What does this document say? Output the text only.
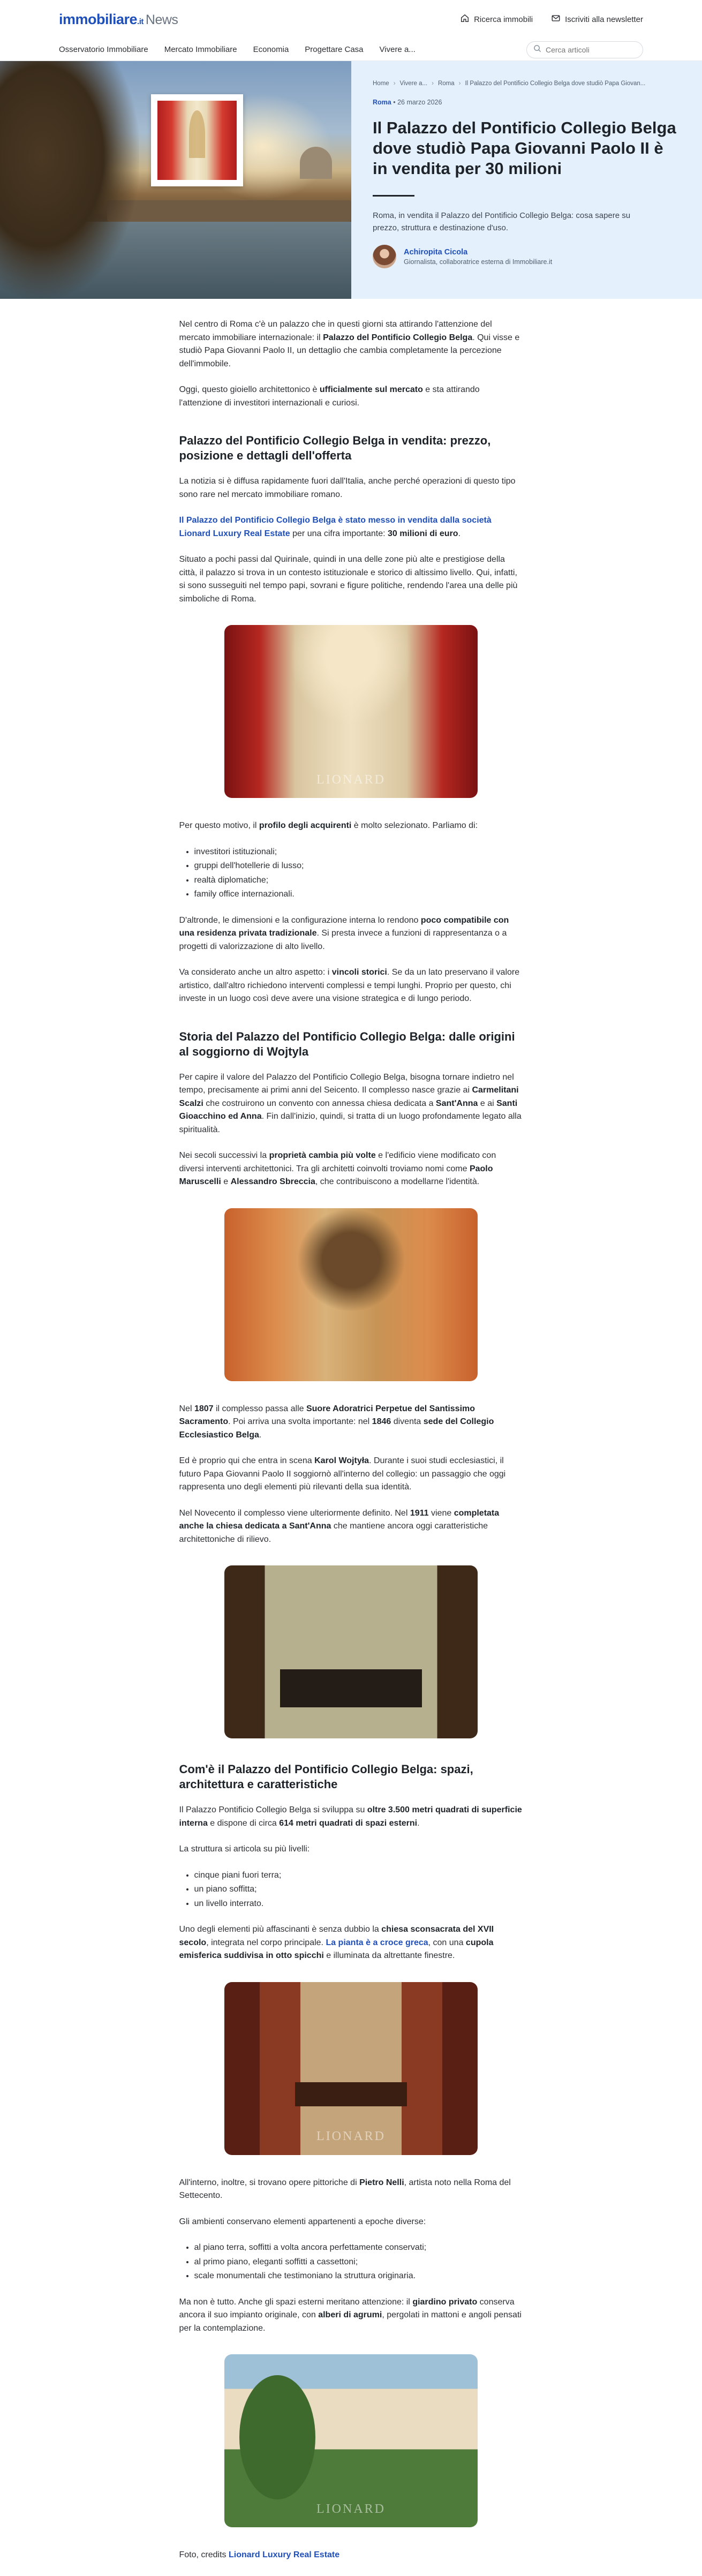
immobiliare .it News	Ricerca immobili	Iscriviti alla newsletter
Osservatorio Immobiliare Mercato Immobiliare Economia Progettare Casa Vivere a...
Cerca articoli
Home › Vivere a... › Roma › Il Palazzo del Pontificio Collegio Belga dove studiò Papa Giovan...
Roma • 26 marzo 2026
Il Palazzo del Pontificio Collegio Belga dove studiò Papa Giovanni Paolo II è in vendita per 30 milioni

Roma, in vendita il Palazzo del Pontificio Collegio Belga: cosa sapere su prezzo, struttura e destinazione d'uso.

Achiropita Cicola
Giornalista, collaboratrice esterna di Immobiliare.it

Nel centro di Roma c'è un palazzo che in questi giorni sta attirando l'attenzione del mercato immobiliare internazionale: il Palazzo del Pontificio Collegio Belga. Qui visse e studiò Papa Giovanni Paolo II, un dettaglio che cambia completamente la percezione dell'immobile.

Oggi, questo gioiello architettonico è ufficialmente sul mercato e sta attirando l'attenzione di investitori internazionali e curiosi.

Palazzo del Pontificio Collegio Belga in vendita: prezzo, posizione e dettagli dell'offerta

La notizia si è diffusa rapidamente fuori dall'Italia, anche perché operazioni di questo tipo sono rare nel mercato immobiliare romano.

Il Palazzo del Pontificio Collegio Belga è stato messo in vendita dalla società Lionard Luxury Real Estate per una cifra importante: 30 milioni di euro.

Situato a pochi passi dal Quirinale, quindi in una delle zone più alte e prestigiose della città, il palazzo si trova in un contesto istituzionale e storico di altissimo livello. Qui, infatti, si sono susseguiti nel tempo papi, sovrani e figure politiche, rendendo l'area una delle più simboliche di Roma.

LIONARD

Per questo motivo, il profilo degli acquirenti è molto selezionato. Parliamo di:

• investitori istituzionali;
• gruppi dell'hotellerie di lusso;
• realtà diplomatiche;
• family office internazionali.

D'altronde, le dimensioni e la configurazione interna lo rendono poco compatibile con una residenza privata tradizionale. Si presta invece a funzioni di rappresentanza o a progetti di valorizzazione di alto livello.

Va considerato anche un altro aspetto: i vincoli storici. Se da un lato preservano il valore artistico, dall'altro richiedono interventi complessi e tempi lunghi. Proprio per questo, chi investe in un luogo così deve avere una visione strategica e di lungo periodo.

Storia del Palazzo del Pontificio Collegio Belga: dalle origini al soggiorno di Wojtyla

Per capire il valore del Palazzo del Pontificio Collegio Belga, bisogna tornare indietro nel tempo, precisamente ai primi anni del Seicento. Il complesso nasce grazie ai Carmelitani Scalzi che costruirono un convento con annessa chiesa dedicata a Sant'Anna e ai Santi Gioacchino ed Anna. Fin dall'inizio, quindi, si tratta di un luogo profondamente legato alla spiritualità.

Nei secoli successivi la proprietà cambia più volte e l'edificio viene modificato con diversi interventi architettonici. Tra gli architetti coinvolti troviamo nomi come Paolo Maruscelli e Alessandro Sbreccia, che contribuiscono a modellarne l'identità.

Nel 1807 il complesso passa alle Suore Adoratrici Perpetue del Santissimo Sacramento. Poi arriva una svolta importante: nel 1846 diventa sede del Collegio Ecclesiastico Belga.

Ed è proprio qui che entra in scena Karol Wojtyła. Durante i suoi studi ecclesiastici, il futuro Papa Giovanni Paolo II soggiornò all'interno del collegio: un passaggio che oggi rappresenta uno degli elementi più rilevanti della sua identità.

Nel Novecento il complesso viene ulteriormente definito. Nel 1911 viene completata anche la chiesa dedicata a Sant'Anna che mantiene ancora oggi caratteristiche architettoniche di rilievo.

Com'è il Palazzo del Pontificio Collegio Belga: spazi, architettura e caratteristiche

Il Palazzo Pontificio Collegio Belga si sviluppa su oltre 3.500 metri quadrati di superficie interna e dispone di circa 614 metri quadrati di spazi esterni.

La struttura si articola su più livelli:

• cinque piani fuori terra;
• un piano soffitta;
• un livello interrato.

Uno degli elementi più affascinanti è senza dubbio la chiesa sconsacrata del XVII secolo, integrata nel corpo principale. La pianta è a croce greca, con una cupola emisferica suddivisa in otto spicchi e illuminata da altrettante finestre.

LIONARD

All'interno, inoltre, si trovano opere pittoriche di Pietro Nelli, artista noto nella Roma del Settecento.

Gli ambienti conservano elementi appartenenti a epoche diverse:

• al piano terra, soffitti a volta ancora perfettamente conservati;
• al primo piano, eleganti soffitti a cassettoni;
• scale monumentali che testimoniano la struttura originaria.

Ma non è tutto. Anche gli spazi esterni meritano attenzione: il giardino privato conserva ancora il suo impianto originale, con alberi di agrumi, pergolati in mattoni e angoli pensati per la contemplazione.

LIONARD

Foto, credits Lionard Luxury Real Estate
